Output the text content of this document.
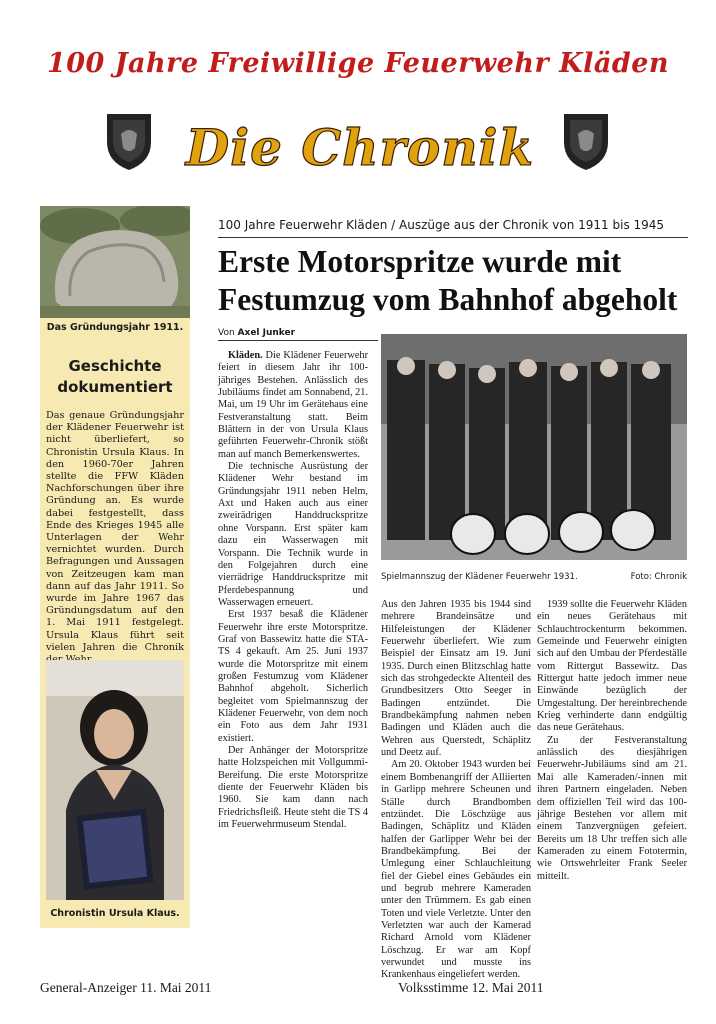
100 Jahre Freiwillige Feuerwehr Kläden
Die Chronik
Das Gründungsjahr 1911.
Geschichte
dokumentiert

Das genaue Gründungsjahr der Klädener Feuerwehr ist nicht überliefert, so Chronistin Ursula Klaus. In den 1960-70er Jahren stellte die FFW Kläden Nachforschungen über ihre Gründung an. Es wurde dabei festgestellt, dass Ende des Krieges 1945 alle Unterlagen der Wehr vernichtet wurden. Durch Befragungen und Aussagen von Zeitzeugen kam man dann auf das Jahr 1911. So wurde im Jahre 1967 das Gründungsdatum auf den 1. Mai 1911 festgelegt. Ursula Klaus führt seit vielen Jahren die Chronik

Chronistin Ursula Klaus.
100 Jahre Feuerwehr Kläden / Auszüge aus der Chronik von 1911 bis 1945
Erste Motorspritze wurde mit Festumzug vom Bahnhof abgeholt
Von Axel Junker

Kläden. Die Klädener Feuerwehr feiert in diesem Jahr ihr 100-jähriges Bestehen. Anlässlich des Jubiläums findet am Sonnabend, 21. Mai, um 19 Uhr im Gerätehaus eine Festveranstaltung statt. Beim Blättern in der von Ursula Klaus geführten Feuerwehr-Chronik stößt man auf manch Bemerkenswertes.

Die technische Ausrüstung der Klädener Wehr bestand im Gründungsjahr 1911 neben Helm, Axt und Haken auch aus einer zweirädrigen Handdruckspritze ohne Vorspann. Erst später kam dazu ein Wasserwagen mit Vorspann. Die Technik wurde in den Folgejahren durch eine vierrädrige Handdruckspritze mit Pferdebespannung und Wasserwagen erneuert.

Erst 1937 besaß die Klädener Feuerwehr ihre erste Motorspritze. Graf von Bassewitz hatte die STA-TS 4 gekauft. Am 25. Juni 1937 wurde die Motorspritze mit einem großen Festumzug vom Klädener Bahnhof abgeholt. Sicherlich begleitet vom Spielmannszug der Klädener Feuerwehr, von dem noch ein Foto aus dem Jahr 1931 existiert.

Der Anhänger der Motorspritze hatte Holzspeichen mit Vollgummi-Bereifung. Die erste Motorspritze diente der Feuerwehr Kläden bis 1960. Sie kam dann nach Friedrichsfleiß. Heute steht die TS 4 im Feuerwehrmuseum Stendal.

Spielmannszug der Klädener Feuerwehr 1931.	Foto: Chronik

Aus den Jahren 1935 bis 1944 sind mehrere Brandeinsätze und Hilfeleistungen der Klädener Feuerwehr überliefert. Wie zum Beispiel der Einsatz am 19. Juni 1935. Durch einen Blitzschlag hatte sich das strohgedeckte Altenteil des Grundbesitzers Otto Seeger in Badingen entzündet. Die Brandbekämpfung nahmen neben Badingen und Kläden auch die Wehren aus Querstedt, Schäplitz und Deetz auf.

Am 20. Oktober 1943 wurden bei einem Bombenangriff der Alliierten in Garlipp mehrere Scheunen und Ställe durch Brandbomben entzündet. Die Löschzüge aus Badingen, Schäplitz und Kläden halfen der Garlipper Wehr bei der Brandbekämpfung. Bei der Umlegung einer Schlauchleitung fiel der Giebel eines Gebäudes ein und begrub mehrere Kameraden unter den Trümmern. Es gab einen Toten und viele Verletzte. Unter den Verletzten war auch der Kamerad Richard Arnold vom Klädener Löschzug. Er war am Kopf verwundet und musste ins Krankenhaus eingeliefert werden.

1939 sollte die Feuerwehr Kläden ein neues Gerätehaus mit Schlauchtrockenturm bekommen. Gemeinde und Feuerwehr einigten sich auf den Umbau der Pferdeställe vom Rittergut Bassewitz. Das Rittergut hatte jedoch immer neue Einwände bezüglich der Umgestaltung. Der hereinbrechende Krieg verhinderte dann endgültig das neue Gerätehaus.

Zu der Festveranstaltung anlässlich des diesjährigen Feuerwehr-Jubiläums sind am 21. Mai alle Kameraden/-innen mit ihren Partnern eingeladen. Neben dem offiziellen Teil wird das 100-jährige Bestehen vor allem mit einem Tanzvergnügen gefeiert. Bereits um 18 Uhr treffen sich alle Kameraden zu einem Fototermin, wie Ortswehrleiter Frank Seeler mitteilt.

General-Anzeiger 11. Mai 2011	Volksstimme 12. Mai 2011
